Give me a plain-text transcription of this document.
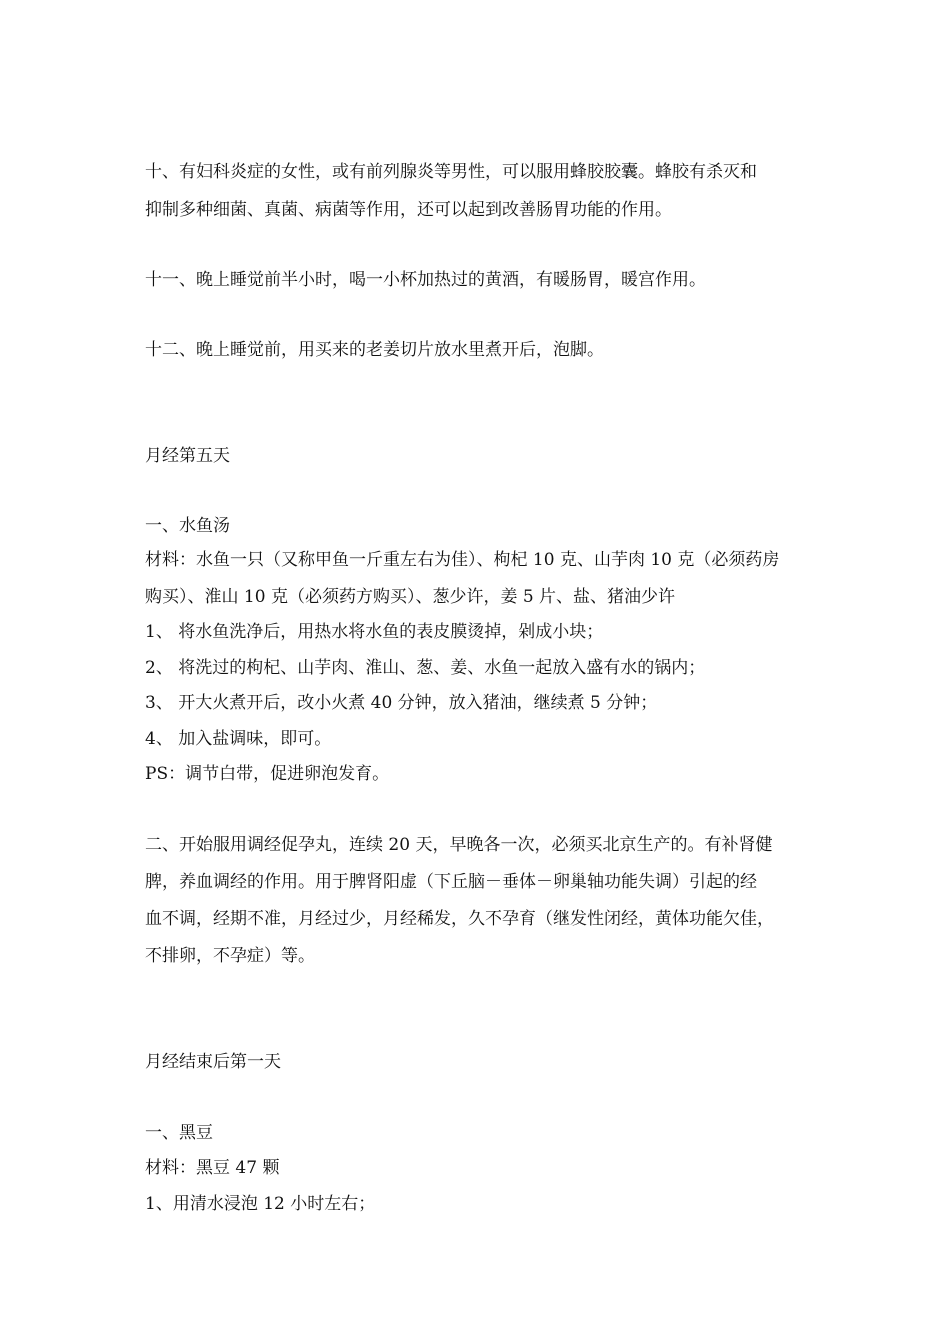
十、有妇科炎症的女性，或有前列腺炎等男性，可以服用蜂胶胶囊。蜂胶有杀灭和
抑制多种细菌、真菌、病菌等作用，还可以起到改善肠胃功能的作用。
十一、晚上睡觉前半小时，喝一小杯加热过的黄酒，有暖肠胃，暖宫作用。
十二、晚上睡觉前，用买来的老姜切片放水里煮开后，泡脚。
月经第五天
一、水鱼汤
材料：水鱼一只（又称甲鱼一斤重左右为佳）、枸杞 10 克、山芋肉 10 克（必须药房
购买）、淮山 10 克（必须药方购买）、葱少许，姜 5 片、盐、猪油少许
1、 将水鱼洗净后，用热水将水鱼的表皮膜烫掉，剁成小块；
2、 将洗过的枸杞、山芋肉、淮山、葱、姜、水鱼一起放入盛有水的锅内；
3、 开大火煮开后，改小火煮 40 分钟，放入猪油，继续煮 5 分钟；
4、 加入盐调味，即可。
PS：调节白带，促进卵泡发育。
二、开始服用调经促孕丸，连续 20 天，早晚各一次，必须买北京生产的。有补肾健
脾，养血调经的作用。用于脾肾阳虚（下丘脑－垂体－卵巢轴功能失调）引起的经
血不调，经期不准，月经过少，月经稀发，久不孕育（继发性闭经，黄体功能欠佳，
不排卵，不孕症）等。
月经结束后第一天
一、黑豆
材料：黑豆 47 颗
1、用清水浸泡 12 小时左右；
